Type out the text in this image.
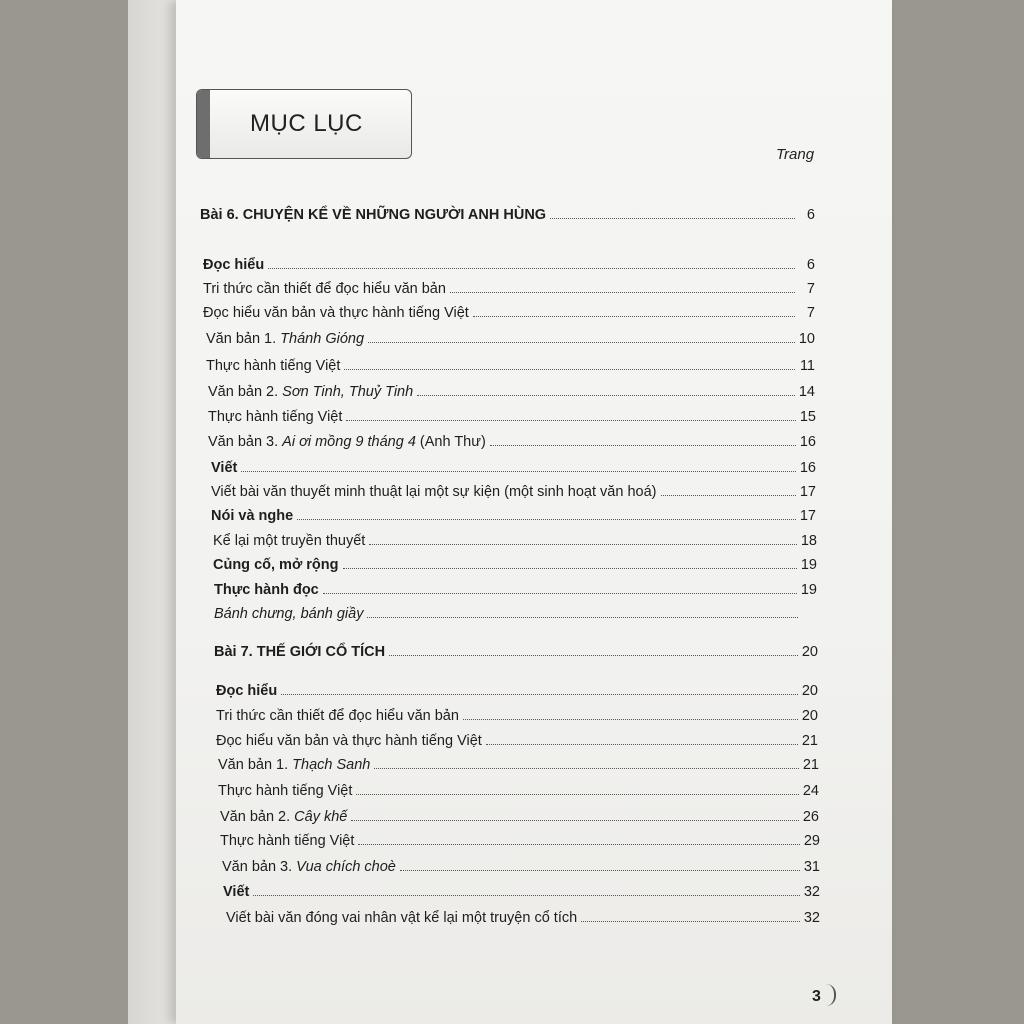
MỤC LỤC
Trang
Bài 6. CHUYỆN KỂ VỀ NHỮNG NGƯỜI ANH HÙNG	6
Đọc hiểu	6
Tri thức cần thiết để đọc hiểu văn bản	7
Đọc hiểu văn bản và thực hành tiếng Việt	7
Văn bản 1. Thánh Gióng	10
Thực hành tiếng Việt	11
Văn bản 2. Sơn Tinh, Thuỷ Tinh	14
Thực hành tiếng Việt	15
Văn bản 3. Ai ơi mồng 9 tháng 4 (Anh Thư)	16
Viết	16
Viết bài văn thuyết minh thuật lại một sự kiện (một sinh hoạt văn hoá)	17
Nói và nghe	17
Kể lại một truyền thuyết	18
Củng cố, mở rộng	19
Thực hành đọc	19
Bánh chưng, bánh giầy
Bài 7. THẾ GIỚI CỔ TÍCH	20
Đọc hiểu	20
Tri thức cần thiết để đọc hiểu văn bản	20
Đọc hiểu văn bản và thực hành tiếng Việt	21
Văn bản 1. Thạch Sanh	21
Thực hành tiếng Việt	24
Văn bản 2. Cây khế	26
Thực hành tiếng Việt	29
Văn bản 3. Vua chích choè	31
Viết	32
Viết bài văn đóng vai nhân vật kể lại một truyện cổ tích	32
3
